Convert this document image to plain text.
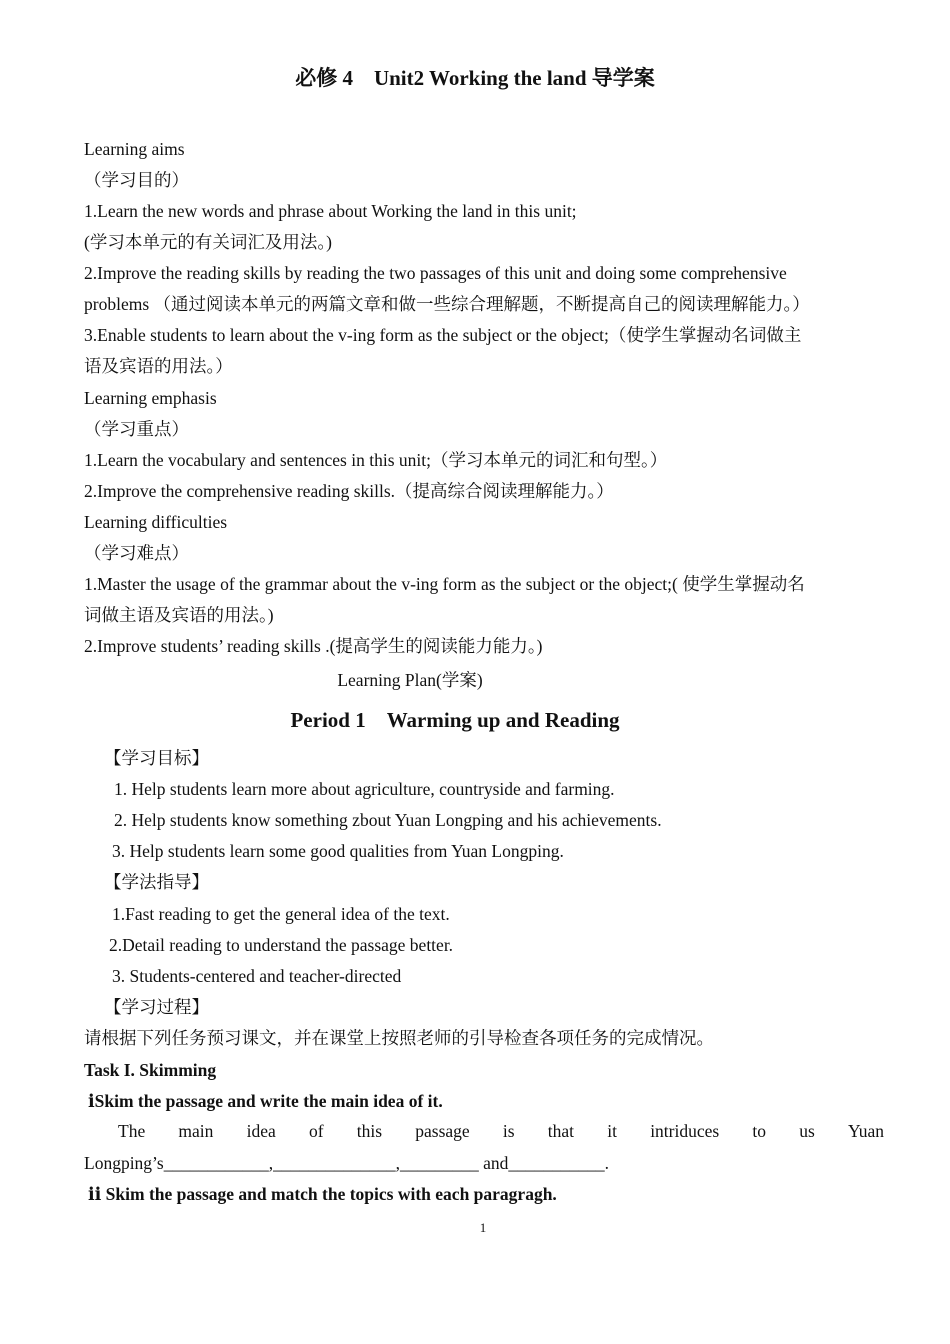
必修 4　Unit2 Working the land 导学案
Learning aims
（学习目的）
1.Learn the new words and phrase about Working the land in this unit;
(学习本单元的有关词汇及用法。)
2.Improve the reading skills by reading the two passages of this unit and doing some comprehensive
problems （通过阅读本单元的两篇文章和做一些综合理解题，不断提高自己的阅读理解能力。）
3.Enable students to learn about the v-ing form as the subject or the object;（使学生掌握动名词做主
语及宾语的用法。）
Learning emphasis
（学习重点）
1.Learn the vocabulary and sentences in this unit;（学习本单元的词汇和句型。）
2.Improve the comprehensive reading skills.（提高综合阅读理解能力。）
Learning difficulties
（学习难点）
1.Master the usage of the grammar about the v-ing form as the subject or the object;( 使学生掌握动名
词做主语及宾语的用法。)
2.Improve students’ reading skills .(提高学生的阅读能力能力。)
Learning Plan(学案)
Period 1　Warming up and Reading
【学习目标】
1. Help students learn more about agriculture, countryside and farming.
2. Help students know something zbout Yuan Longping and his achievements.
3. Help students learn some good qualities from Yuan Longping.
【学法指导】
1.Fast reading to get the general idea of the text.
2.Detail reading to understand the passage better.
3. Students-centered and teacher-directed
【学习过程】
请根据下列任务预习课文，并在课堂上按照老师的引导检查各项任务的完成情况。
Task I. Skimming
ⅰSkim the passage and write the main idea of it.
The main idea of this passage is that it intriduces to us Yuan
Longping’s____________,______________,_________ and___________.
ⅱ Skim the passage and match the topics with each paragragh.
1
